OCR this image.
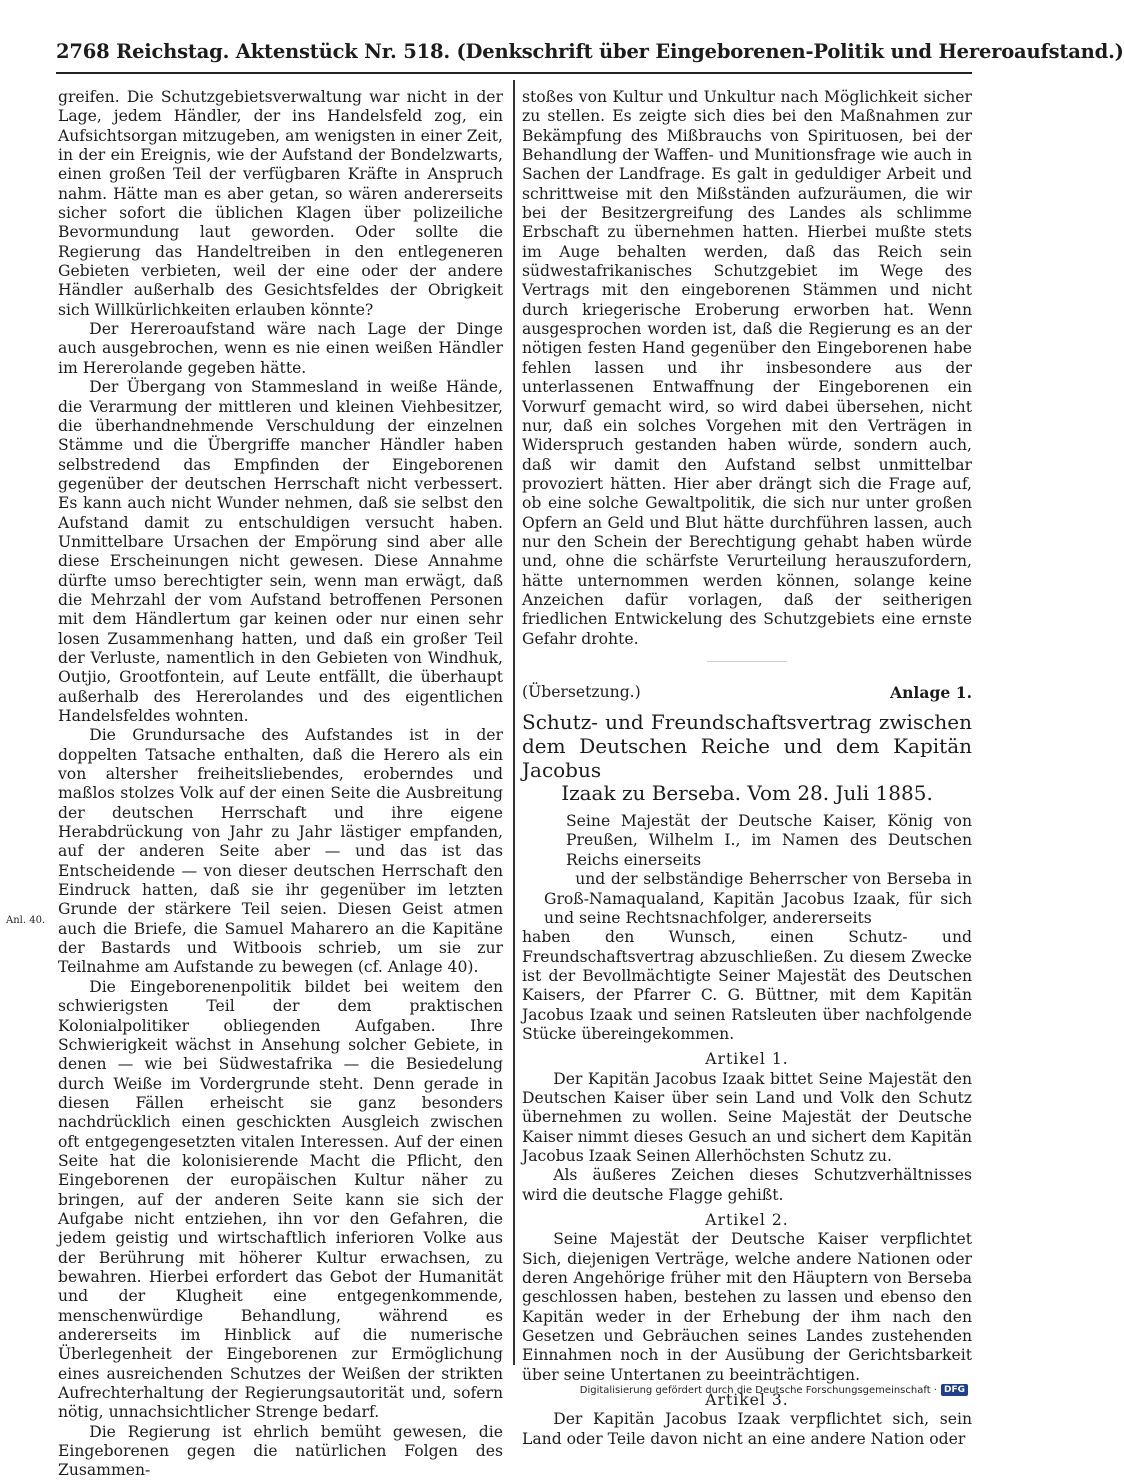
2768 Reichstag. Aktenstück Nr. 518. (Denkschrift über Eingeborenen-Politik und Hereroaufstand.)
Anl. 40.

greifen. Die Schutzgebietsverwaltung war nicht in der Lage, jedem Händler, der ins Handelsfeld zog, ein Aufsichtsorgan mitzugeben, am wenigsten in einer Zeit, in der ein Ereignis, wie der Aufstand der Bondelzwarts, einen großen Teil der verfügbaren Kräfte in Anspruch nahm. Hätte man es aber getan, so wären andererseits sicher sofort die üblichen Klagen über polizeiliche Bevormundung laut geworden. Oder sollte die Regierung das Handeltreiben in den entlegeneren Gebieten verbieten, weil der eine oder der andere Händler außerhalb des Gesichtsfeldes der Obrigkeit sich Willkürlichkeiten erlauben könnte?

Der Hereroaufstand wäre nach Lage der Dinge auch ausgebrochen, wenn es nie einen weißen Händler im Hererolande gegeben hätte.

Der Übergang von Stammesland in weiße Hände, die Verarmung der mittleren und kleinen Viehbesitzer, die überhandnehmende Verschuldung der einzelnen Stämme und die Übergriffe mancher Händler haben selbstredend das Empfinden der Eingeborenen gegenüber der deutschen Herrschaft nicht verbessert. Es kann auch nicht Wunder nehmen, daß sie selbst den Aufstand damit zu entschuldigen versucht haben. Unmittelbare Ursachen der Empörung sind aber alle diese Erscheinungen nicht gewesen. Diese Annahme dürfte umso berechtigter sein, wenn man erwägt, daß die Mehrzahl der vom Aufstand betroffenen Personen mit dem Händlertum gar keinen oder nur einen sehr losen Zusammenhang hatten, und daß ein großer Teil der Verluste, namentlich in den Gebieten von Windhuk, Outjio, Grootfontein, auf Leute entfällt, die überhaupt außerhalb des Hererolandes und des eigentlichen Handelsfeldes wohnten.

Die Grundursache des Aufstandes ist in der doppelten Tatsache enthalten, daß die Herero als ein von altersher freiheitsliebendes, eroberndes und maßlos stolzes Volk auf der einen Seite die Ausbreitung der deutschen Herrschaft und ihre eigene Herabdrückung von Jahr zu Jahr lästiger empfanden, auf der anderen Seite aber — und das ist das Entscheidende — von dieser deutschen Herrschaft den Eindruck hatten, daß sie ihr gegenüber im letzten Grunde der stärkere Teil seien. Diesen Geist atmen auch die Briefe, die Samuel Maharero an die Kapitäne der Bastards und Witboois schrieb, um sie zur Teilnahme am Aufstande zu bewegen (cf. Anlage 40).

Die Eingeborenenpolitik bildet bei weitem den schwierigsten Teil der dem praktischen Kolonialpolitiker obliegenden Aufgaben. Ihre Schwierigkeit wächst in Ansehung solcher Gebiete, in denen — wie bei Südwestafrika — die Besiedelung durch Weiße im Vordergrunde steht. Denn gerade in diesen Fällen erheischt sie ganz besonders nachdrücklich einen geschickten Ausgleich zwischen oft entgegengesetzten vitalen Interessen. Auf der einen Seite hat die kolonisierende Macht die Pflicht, den Eingeborenen der europäischen Kultur näher zu bringen, auf der anderen Seite kann sie sich der Aufgabe nicht entziehen, ihn vor den Gefahren, die jedem geistig und wirtschaftlich inferioren Volke aus der Berührung mit höherer Kultur erwachsen, zu bewahren. Hierbei erfordert das Gebot der Humanität und der Klugheit eine entgegenkommende, menschenwürdige Behandlung, während es andererseits im Hinblick auf die numerische Überlegenheit der Eingeborenen zur Ermöglichung eines ausreichenden Schutzes der Weißen der strikten Aufrechterhaltung der Regierungsautorität und, sofern nötig, unnachsichtlicher Strenge bedarf.

Die Regierung ist ehrlich bemüht gewesen, die Eingeborenen gegen die natürlichen Folgen des Zusammen-

stoßes von Kultur und Unkultur nach Möglichkeit sicher zu stellen. Es zeigte sich dies bei den Maßnahmen zur Bekämpfung des Mißbrauchs von Spirituosen, bei der Behandlung der Waffen- und Munitionsfrage wie auch in Sachen der Landfrage. Es galt in geduldiger Arbeit und schrittweise mit den Mißständen aufzuräumen, die wir bei der Besitzergreifung des Landes als schlimme Erbschaft zu übernehmen hatten. Hierbei mußte stets im Auge behalten werden, daß das Reich sein südwestafrikanisches Schutzgebiet im Wege des Vertrags mit den eingeborenen Stämmen und nicht durch kriegerische Eroberung erworben hat. Wenn ausgesprochen worden ist, daß die Regierung es an der nötigen festen Hand gegenüber den Eingeborenen habe fehlen lassen und ihr insbesondere aus der unterlassenen Entwaffnung der Eingeborenen ein Vorwurf gemacht wird, so wird dabei übersehen, nicht nur, daß ein solches Vorgehen mit den Verträgen in Widerspruch gestanden haben würde, sondern auch, daß wir damit den Aufstand selbst unmittelbar provoziert hätten. Hier aber drängt sich die Frage auf, ob eine solche Gewaltpolitik, die sich nur unter großen Opfern an Geld und Blut hätte durchführen lassen, auch nur den Schein der Berechtigung gehabt haben würde und, ohne die schärfste Verurteilung herauszufordern, hätte unternommen werden können, solange keine Anzeichen dafür vorlagen, daß der seitherigen friedlichen Entwickelung des Schutzgebiets eine ernste Gefahr drohte.

(Übersetzung.)	Anlage 1.

Schutz- und Freundschaftsvertrag zwischen dem Deutschen Reiche und dem Kapitän Jacobus
Izaak zu Berseba. Vom 28. Juli 1885.

Seine Majestät der Deutsche Kaiser, König von Preußen, Wilhelm I., im Namen des Deutschen Reichs einerseits

und der selbständige Beherrscher von Berseba in Groß-Namaqualand, Kapitän Jacobus Izaak, für sich und seine Rechtsnachfolger, andererseits

haben den Wunsch, einen Schutz- und Freundschaftsvertrag abzuschließen. Zu diesem Zwecke ist der Bevollmächtigte Seiner Majestät des Deutschen Kaisers, der Pfarrer C. G. Büttner, mit dem Kapitän Jacobus Izaak und seinen Ratsleuten über nachfolgende Stücke übereingekommen.

Artikel 1.

Der Kapitän Jacobus Izaak bittet Seine Majestät den Deutschen Kaiser über sein Land und Volk den Schutz übernehmen zu wollen. Seine Majestät der Deutsche Kaiser nimmt dieses Gesuch an und sichert dem Kapitän Jacobus Izaak Seinen Allerhöchsten Schutz zu.

Als äußeres Zeichen dieses Schutzverhältnisses wird die deutsche Flagge gehißt.

Artikel 2.

Seine Majestät der Deutsche Kaiser verpflichtet Sich, diejenigen Verträge, welche andere Nationen oder deren Angehörige früher mit den Häuptern von Berseba geschlossen haben, bestehen zu lassen und ebenso den Kapitän weder in der Erhebung der ihm nach den Gesetzen und Gebräuchen seines Landes zustehenden Einnahmen noch in der Ausübung der Gerichtsbarkeit über seine Untertanen zu beeinträchtigen.

Artikel 3.

Der Kapitän Jacobus Izaak verpflichtet sich, sein Land oder Teile davon nicht an eine andere Nation oder

Digitalisierung gefördert durch die Deutsche Forschungsgemeinschaft · DFG
